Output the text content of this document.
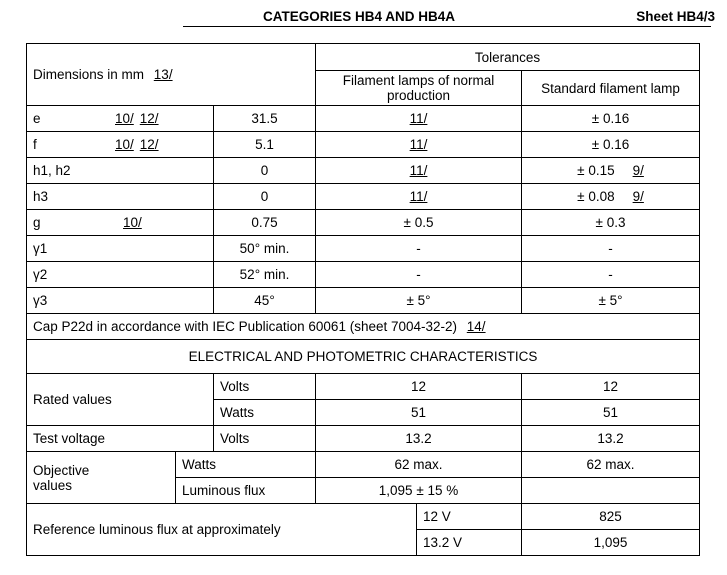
CATEGORIES HB4 AND HB4A	Sheet HB4/3
Dimensions in mm 13/			Tolerances		
			Filament lamps of normal production		Standard filament lamp
e 10/ 12/		31.5	11/		± 0.16
f 10/ 12/		5.1	11/		± 0.16
h1, h2		0	11/		± 0.15 9/
h3		0	11/		± 0.08 9/
g 10/		0.75	± 0.5		± 0.3
γ1		50° min.	-		-
γ2		52° min.	-		-
γ3		45°	± 5°		± 5°
Cap P22d in accordance with IEC Publication 60061 (sheet 7004-32-2) 14/					
ELECTRICAL AND PHOTOMETRIC CHARACTERISTICS					
Rated values		Volts	12		12
		Watts	51		51
Test voltage		Volts	13.2		13.2

Objective values	Watts		62 max.		62 max.
	Luminous flux		1,095 ± 15 %		
Reference luminous flux at approximately				12 V	825
				13.2 V	1,095
